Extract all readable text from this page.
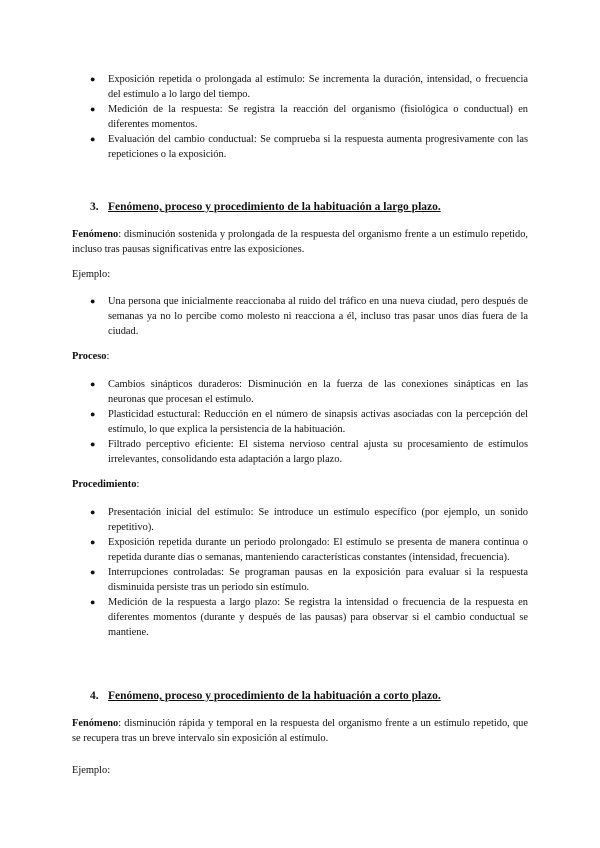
● Exposición repetida o prolongada al estímulo: Se incrementa la duración, intensidad, o frecuencia del estímulo a lo largo del tiempo.
● Medición de la respuesta: Se registra la reacción del organismo (fisiológica o conductual) en diferentes momentos.
● Evaluación del cambio conductual: Se comprueba si la respuesta aumenta progresivamente con las repeticiones o la exposición.
3. Fenómeno, proceso y procedimiento de la habituación a largo plazo.

Fenómeno: disminución sostenida y prolongada de la respuesta del organismo frente a un estímulo repetido, incluso tras pausas significativas entre las exposiciones.

Ejemplo:

● Una persona que inicialmente reaccionaba al ruido del tráfico en una nueva ciudad, pero después de semanas ya no lo percibe como molesto ni reacciona a él, incluso tras pasar unos días fuera de la ciudad.

Proceso:

● Cambios sinápticos duraderos: Disminución en la fuerza de las conexiones sinápticas en las neuronas que procesan el estímulo.
● Plasticidad estuctural: Reducción en el número de sinapsis activas asociadas con la percepción del estímulo, lo que explica la persistencia de la habituación.
● Filtrado perceptivo eficiente: El sistema nervioso central ajusta su procesamiento de estímulos irrelevantes, consolidando esta adaptación a largo plazo.

Procedimiento:

● Presentación inicial del estímulo: Se introduce un estímulo específico (por ejemplo, un sonido repetitivo).
● Exposición repetida durante un periodo prolongado: El estímulo se presenta de manera continua o repetida durante días o semanas, manteniendo características constantes (intensidad, frecuencia).
● Interrupciones controladas: Se programan pausas en la exposición para evaluar si la respuesta disminuida persiste tras un periodo sin estímulo.
● Medición de la respuesta a largo plazo: Se registra la intensidad o frecuencia de la respuesta en diferentes momentos (durante y después de las pausas) para observar si el cambio conductual se mantiene.
4. Fenómeno, proceso y procedimiento de la habituación a corto plazo.

Fenómeno: disminución rápida y temporal en la respuesta del organismo frente a un estímulo repetido, que se recupera tras un breve intervalo sin exposición al estímulo.

Ejemplo:
